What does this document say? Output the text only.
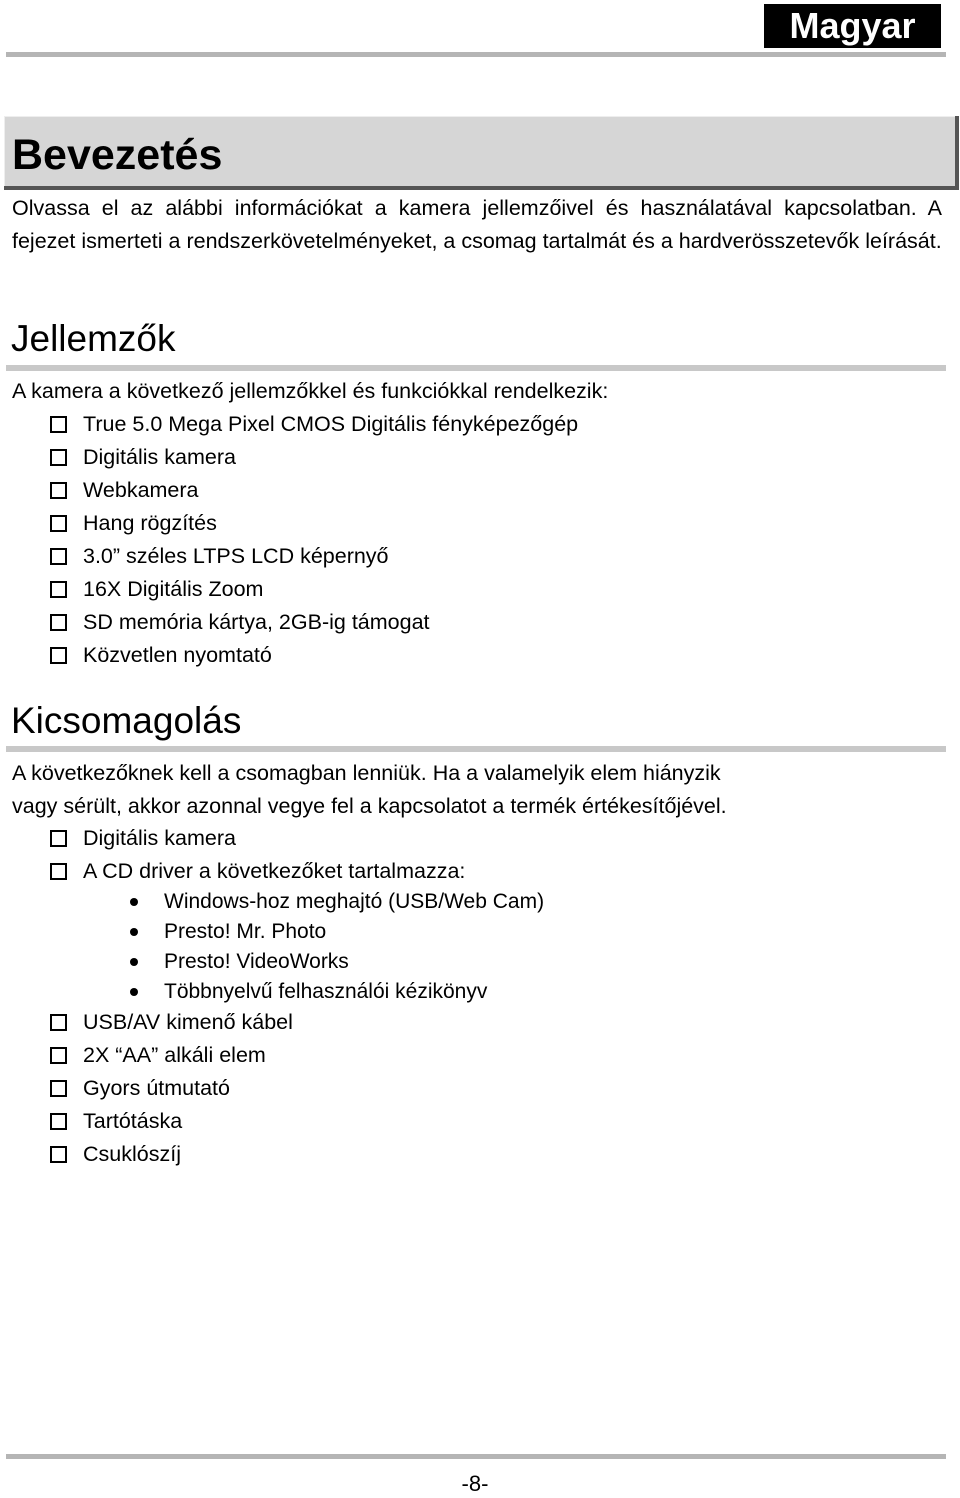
Magyar
Bevezetés

Olvassa el az alábbi információkat a kamera jellemzőivel és használatával kapcsolatban. A fejezet ismerteti a rendszerkövetelményeket, a csomag tartalmát és a hardverösszetevők leírását.

Jellemzők

A kamera a következő jellemzőkkel és funkciókkal rendelkezik:

True 5.0 Mega Pixel CMOS Digitális fényképezőgép
Digitális kamera
Webkamera
Hang rögzítés
3.0” széles LTPS LCD képernyő
16X Digitális Zoom
SD memória kártya, 2GB-ig támogat
Közvetlen nyomtató
Kicsomagolás

A következőknek kell a csomagban lenniük. Ha a valamelyik elem hiányzik

vagy sérült, akkor azonnal vegye fel a kapcsolatot a termék értékesítőjével.

Digitális kamera
A CD driver a következőket tartalmazza:
Windows-hoz meghajtó (USB/Web Cam)
Presto! Mr. Photo
Presto! VideoWorks
Többnyelvű felhasználói kézikönyv
USB/AV kimenő kábel
2X “AA” alkáli elem
Gyors útmutató
Tartótáska
Csuklószíj
-8-
